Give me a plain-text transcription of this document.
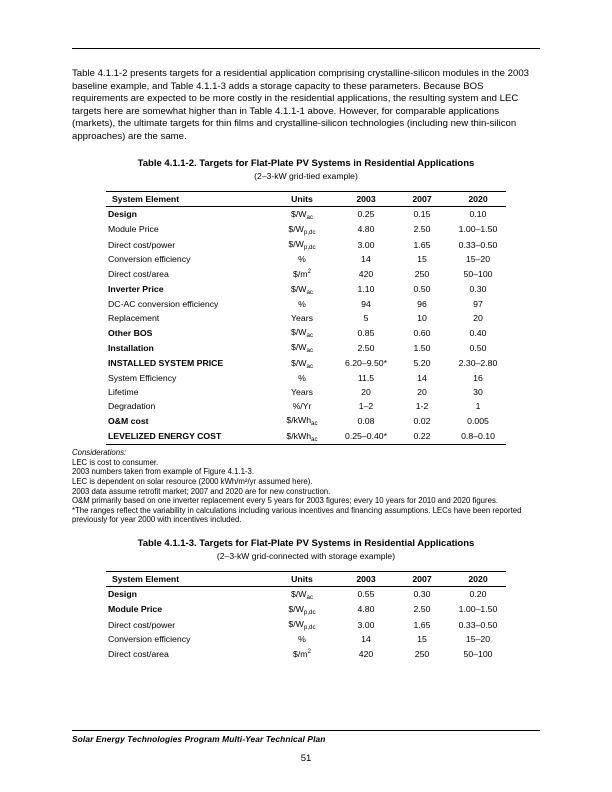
Table 4.1.1-2 presents targets for a residential application comprising crystalline-silicon modules in the 2003 baseline example, and Table 4.1.1-3 adds a storage capacity to these parameters. Because BOS requirements are expected to be more costly in the residential applications, the resulting system and LEC targets here are somewhat higher than in Table 4.1.1-1 above. However, for comparable applications (markets), the ultimate targets for thin films and crystalline-silicon technologies (including new thin-silicon approaches) are the same.
Table 4.1.1-2. Targets for Flat-Plate PV Systems in Residential Applications
(2–3-kW grid-tied example)
System Element	Units	2003	2007	2020
Design	$\$/W_{ac}$	0.25	0.15	0.10
Module Price	$\$/W_{p,dc}$	4.80	2.50	1.00–1.50
Direct cost/power	$\$/W_{p,dc}$	3.00	1.65	0.33–0.50
Conversion efficiency	%	14	15	15–20
Direct cost/area	$\$/m^2$	420	250	50–100
Inverter Price	$\$/W_{ac}$	1.10	0.50	0.30
DC-AC conversion efficiency	%	94	96	97
Replacement	Years	5	10	20
Other BOS	$\$/W_{ac}$	0.85	0.60	0.40
Installation	$\$/W_{ac}$	2.50	1.50	0.50
INSTALLED SYSTEM PRICE	$\$/W_{ac}$	6.20–9.50*	5.20	2.30–2.80
System Efficiency	%	11.5	14	16
Lifetime	Years	20	20	30
Degradation	%/Yr	1–2	1-2	1
O&M cost	$/kWh$_{ac}$	0.08	0.02	0.005
LEVELIZED ENERGY COST	$/kWh$_{ac}$	0.25–0.40*	0.22	0.8–0.10

Considerations:

LEC is cost to consumer.

2003 numbers taken from example of Figure 4.1.1-3.

LEC is dependent on solar resource (2000 kWh/m²/yr assumed here).

2003 data assume retrofit market; 2007 and 2020 are for new construction.

O&M primarily based on one inverter replacement every 5 years for 2003 figures; every 10 years for 2010 and 2020 figures.

*The ranges reflect the variability in calculations including various incentives and financing assumptions. LECs have been reported previously for year 2000 with incentives included.

Table 4.1.1-3. Targets for Flat-Plate PV Systems in Residential Applications
(2–3-kW grid-connected with storage example)
System Element	Units	2003	2007	2020
Design	$\$/W_{ac}$	0.55	0.30	0.20
Module Price	$\$/W_{p,dc}$	4.80	2.50	1.00–1.50
Direct cost/power	$\$/W_{p,dc}$	3.00	1.65	0.33–0.50
Conversion efficiency	%	14	15	15–20
Direct cost/area	$\$/m^2$	420	250	50–100
Solar Energy Technologies Program Multi-Year Technical Plan
51
